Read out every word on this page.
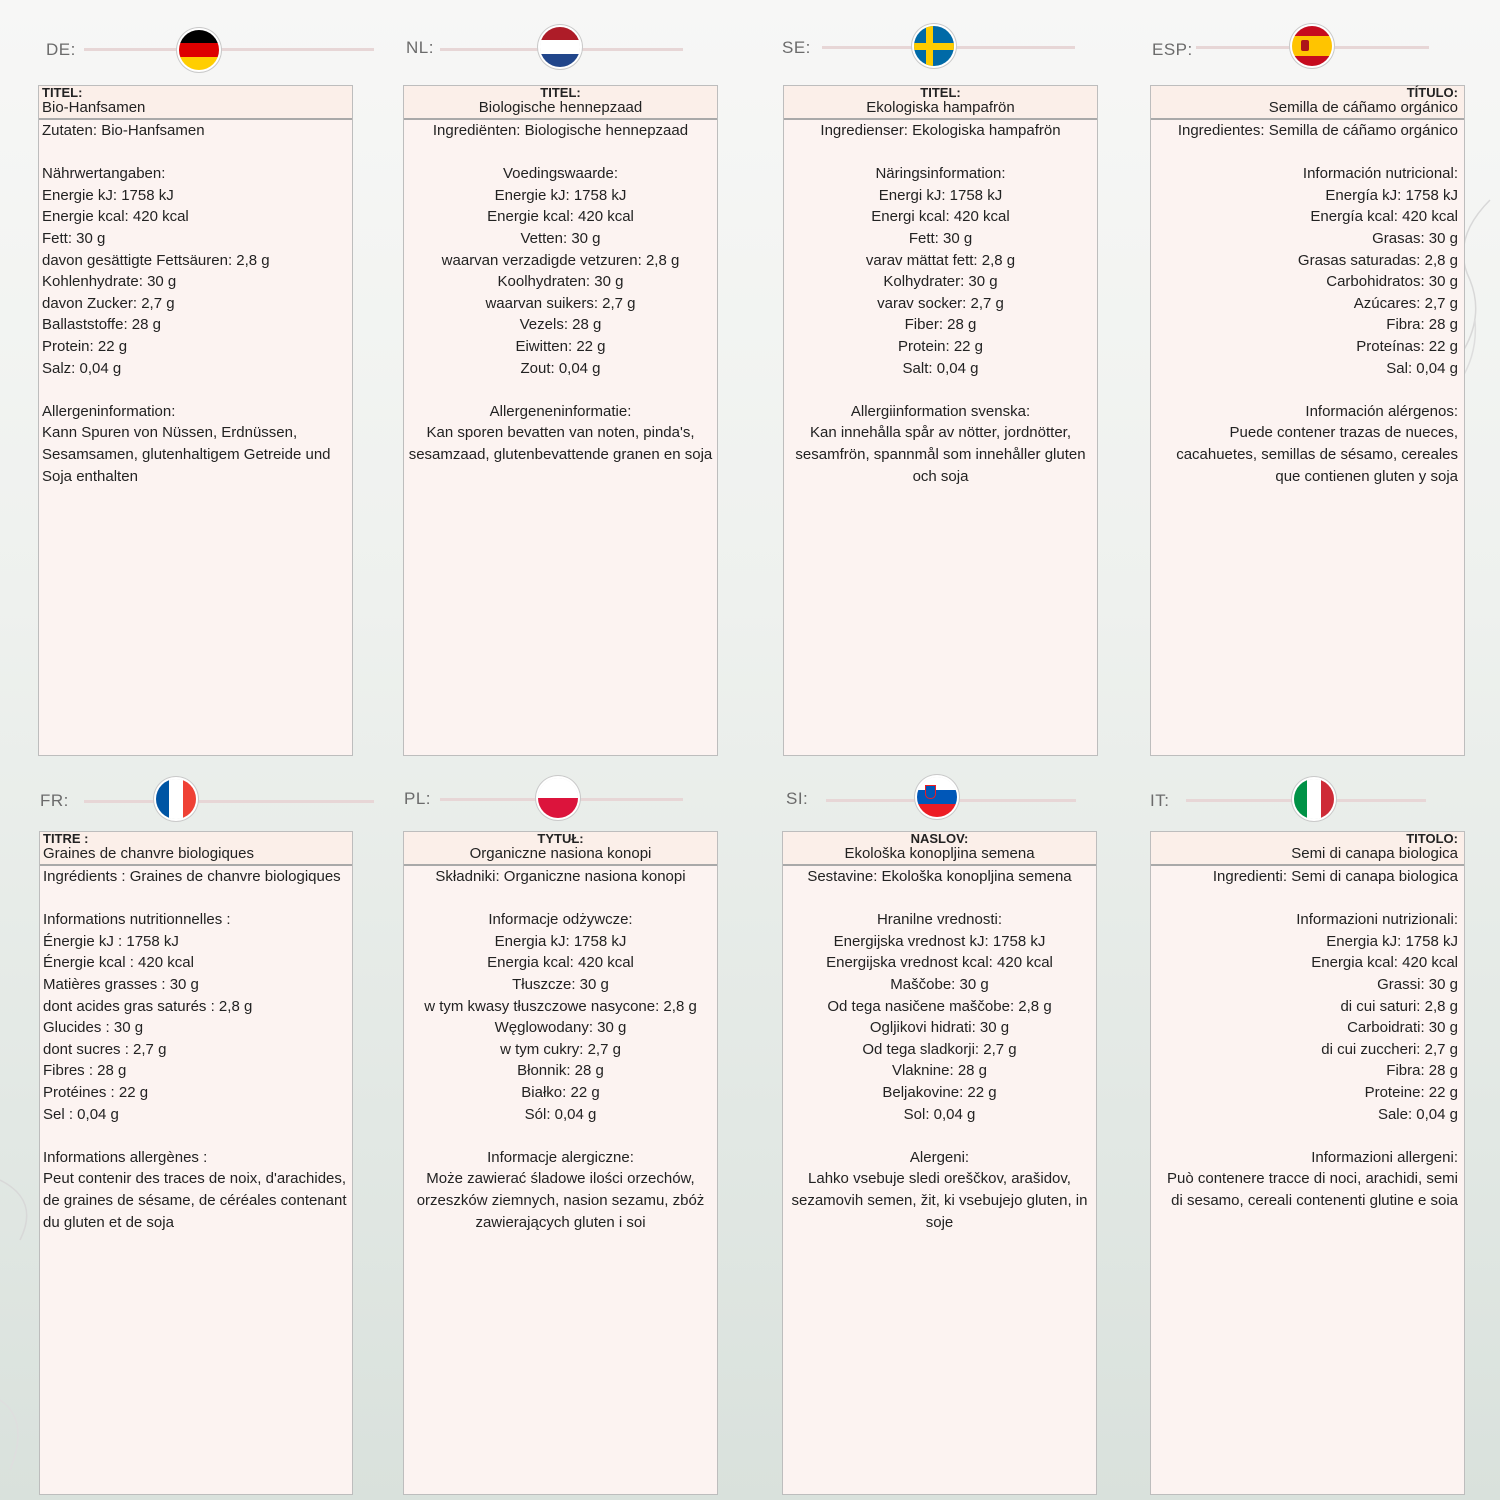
DE:
TITEL:
Bio-Hanfsamen
Zutaten: Bio-Hanfsamen

Nährwertangaben:
Energie kJ: 1758 kJ
Energie kcal: 420 kcal
Fett: 30 g
davon gesättigte Fettsäuren: 2,8 g
Kohlenhydrate: 30 g
davon Zucker: 2,7 g
Ballaststoffe: 28 g
Protein: 22 g
Salz: 0,04 g

Allergeninformation:
Kann Spuren von Nüssen, Erdnüssen, Sesamsamen, glutenhaltigem Getreide und Soja enthalten
NL:
TITEL:
Biologische hennepzaad
Ingrediënten: Biologische hennepzaad

Voedingswaarde:
Energie kJ: 1758 kJ
Energie kcal: 420 kcal
Vetten: 30 g
waarvan verzadigde vetzuren: 2,8 g
Koolhydraten: 30 g
waarvan suikers: 2,7 g
Vezels: 28 g
Eiwitten: 22 g
Zout: 0,04 g

Allergeneninformatie:
Kan sporen bevatten van noten, pinda's, sesamzaad, glutenbevattende granen en soja
SE:
TITEL:
Ekologiska hampafrön
Ingredienser: Ekologiska hampafrön

Näringsinformation:
Energi kJ: 1758 kJ
Energi kcal: 420 kcal
Fett: 30 g
varav mättat fett: 2,8 g
Kolhydrater: 30 g
varav socker: 2,7 g
Fiber: 28 g
Protein: 22 g
Salt: 0,04 g

Allergiinformation svenska:
Kan innehålla spår av nötter, jordnötter, sesamfrön, spannmål som innehåller gluten och soja
ESP:
TÍTULO:
Semilla de cáñamo orgánico
Ingredientes: Semilla de cáñamo orgánico

Información nutricional:
Energía kJ: 1758 kJ
Energía kcal: 420 kcal
Grasas: 30 g
Grasas saturadas: 2,8 g
Carbohidratos: 30 g
Azúcares: 2,7 g
Fibra: 28 g
Proteínas: 22 g
Sal: 0,04 g

Información alérgenos:
Puede contener trazas de nueces, cacahuetes, semillas de sésamo, cereales que contienen gluten y soja
FR:
TITRE :
Graines de chanvre biologiques
Ingrédients : Graines de chanvre biologiques

Informations nutritionnelles :
Énergie kJ : 1758 kJ
Énergie kcal : 420 kcal
Matières grasses : 30 g
dont acides gras saturés : 2,8 g
Glucides : 30 g
dont sucres : 2,7 g
Fibres : 28 g
Protéines : 22 g
Sel : 0,04 g

Informations allergènes :
Peut contenir des traces de noix, d'arachides, de graines de sésame, de céréales contenant du gluten et de soja
PL:
TYTUŁ:
Organiczne nasiona konopi
Składniki: Organiczne nasiona konopi

Informacje odżywcze:
Energia kJ: 1758 kJ
Energia kcal: 420 kcal
Tłuszcze: 30 g
w tym kwasy tłuszczowe nasycone: 2,8 g
Węglowodany: 30 g
w tym cukry: 2,7 g
Błonnik: 28 g
Białko: 22 g
Sól: 0,04 g

Informacje alergiczne:
Może zawierać śladowe ilości orzechów, orzeszków ziemnych, nasion sezamu, zbóż zawierających gluten i soi
SI:
NASLOV:
Ekološka konopljina semena
Sestavine: Ekološka konopljina semena

Hranilne vrednosti:
Energijska vrednost kJ: 1758 kJ
Energijska vrednost kcal: 420 kcal
Maščobe: 30 g
Od tega nasičene maščobe: 2,8 g
Ogljikovi hidrati: 30 g
Od tega sladkorji: 2,7 g
Vlaknine: 28 g
Beljakovine: 22 g
Sol: 0,04 g

Alergeni:
Lahko vsebuje sledi oreščkov, arašidov, sezamovih semen, žit, ki vsebujejo gluten, in soje
IT:
TITOLO:
Semi di canapa biologica
Ingredienti: Semi di canapa biologica

Informazioni nutrizionali:
Energia kJ: 1758 kJ
Energia kcal: 420 kcal
Grassi: 30 g
di cui saturi: 2,8 g
Carboidrati: 30 g
di cui zuccheri: 2,7 g
Fibra: 28 g
Proteine: 22 g
Sale: 0,04 g

Informazioni allergeni:
Può contenere tracce di noci, arachidi, semi di sesamo, cereali contenenti glutine e soia
